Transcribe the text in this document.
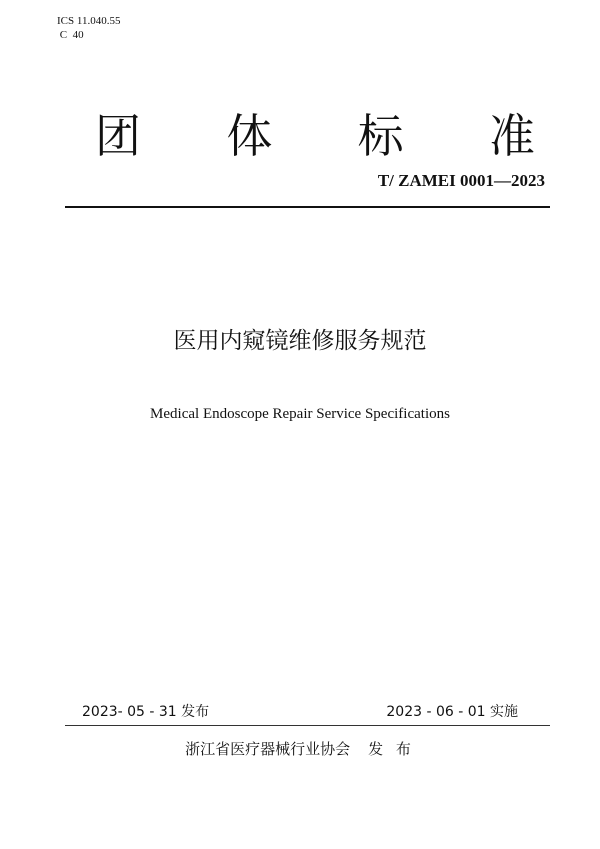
ICS 11.040.55
C  40
团 体 标 准
T/ ZAMEI 0001—2023
医用内窥镜维修服务规范
Medical Endoscope Repair Service Specifications
2023- 05 - 31 发布	2023 - 06 - 01 实施
浙江省医疗器械行业协会 发 布
